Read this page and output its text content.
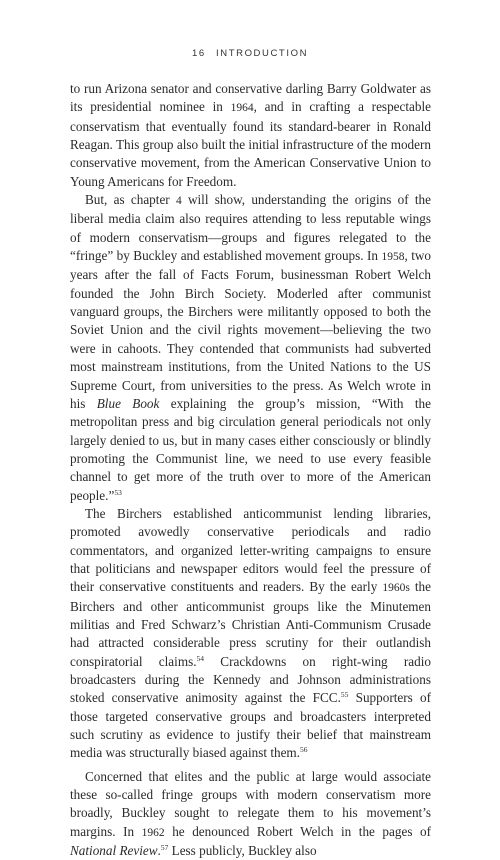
16 INTRODUCTION

to run Arizona senator and conservative darling Barry Goldwater as its presidential nominee in 1964, and in crafting a respectable conservatism that eventually found its standard-bearer in Ronald Reagan. This group also built the initial infrastructure of the modern conservative movement, from the American Conservative Union to Young Americans for Freedom.

But, as chapter 4 will show, understanding the origins of the liberal media claim also requires attending to less reputable wings of modern conservatism—groups and figures relegated to the “fringe” by Buckley and established movement groups. In 1958, two years after the fall of Facts Forum, businessman Robert Welch founded the John Birch Society. Moderled after communist vanguard groups, the Birchers were militantly opposed to both the Soviet Union and the civil rights movement—believing the two were in cahoots. They contended that communists had subverted most mainstream institutions, from the United Nations to the US Supreme Court, from universities to the press. As Welch wrote in his Blue Book explaining the group’s mission, “With the metropolitan press and big circulation general periodicals not only largely denied to us, but in many cases either consciously or blindly promoting the Communist line, we need to use every feasible channel to get more of the truth over to more of the American people.”$^{53}$

The Birchers established anticommunist lending libraries, promoted avowedly conservative periodicals and radio commentators, and organized letter-writing campaigns to ensure that politicians and newspaper editors would feel the pressure of their conservative constituents and readers. By the early 1960s the Birchers and other anticommunist groups like the Minutemen militias and Fred Schwarz’s Christian Anti-Communism Crusade had attracted considerable press scrutiny for their outlandish conspiratorial claims.$^{54}$ Crackdowns on right-wing radio broadcasters during the Kennedy and Johnson administrations stoked conservative animosity against the FCC.$^{55}$ Supporters of those targeted conservative groups and broadcasters interpreted such scrutiny as evidence to justify their belief that mainstream media was structurally biased against them.$^{56}$

Concerned that elites and the public at large would associate these so-called fringe groups with modern conservatism more broadly, Buckley sought to relegate them to his movement’s margins. In 1962 he denounced Robert Welch in the pages of National Review.$^{57}$ Less publicly, Buckley also
